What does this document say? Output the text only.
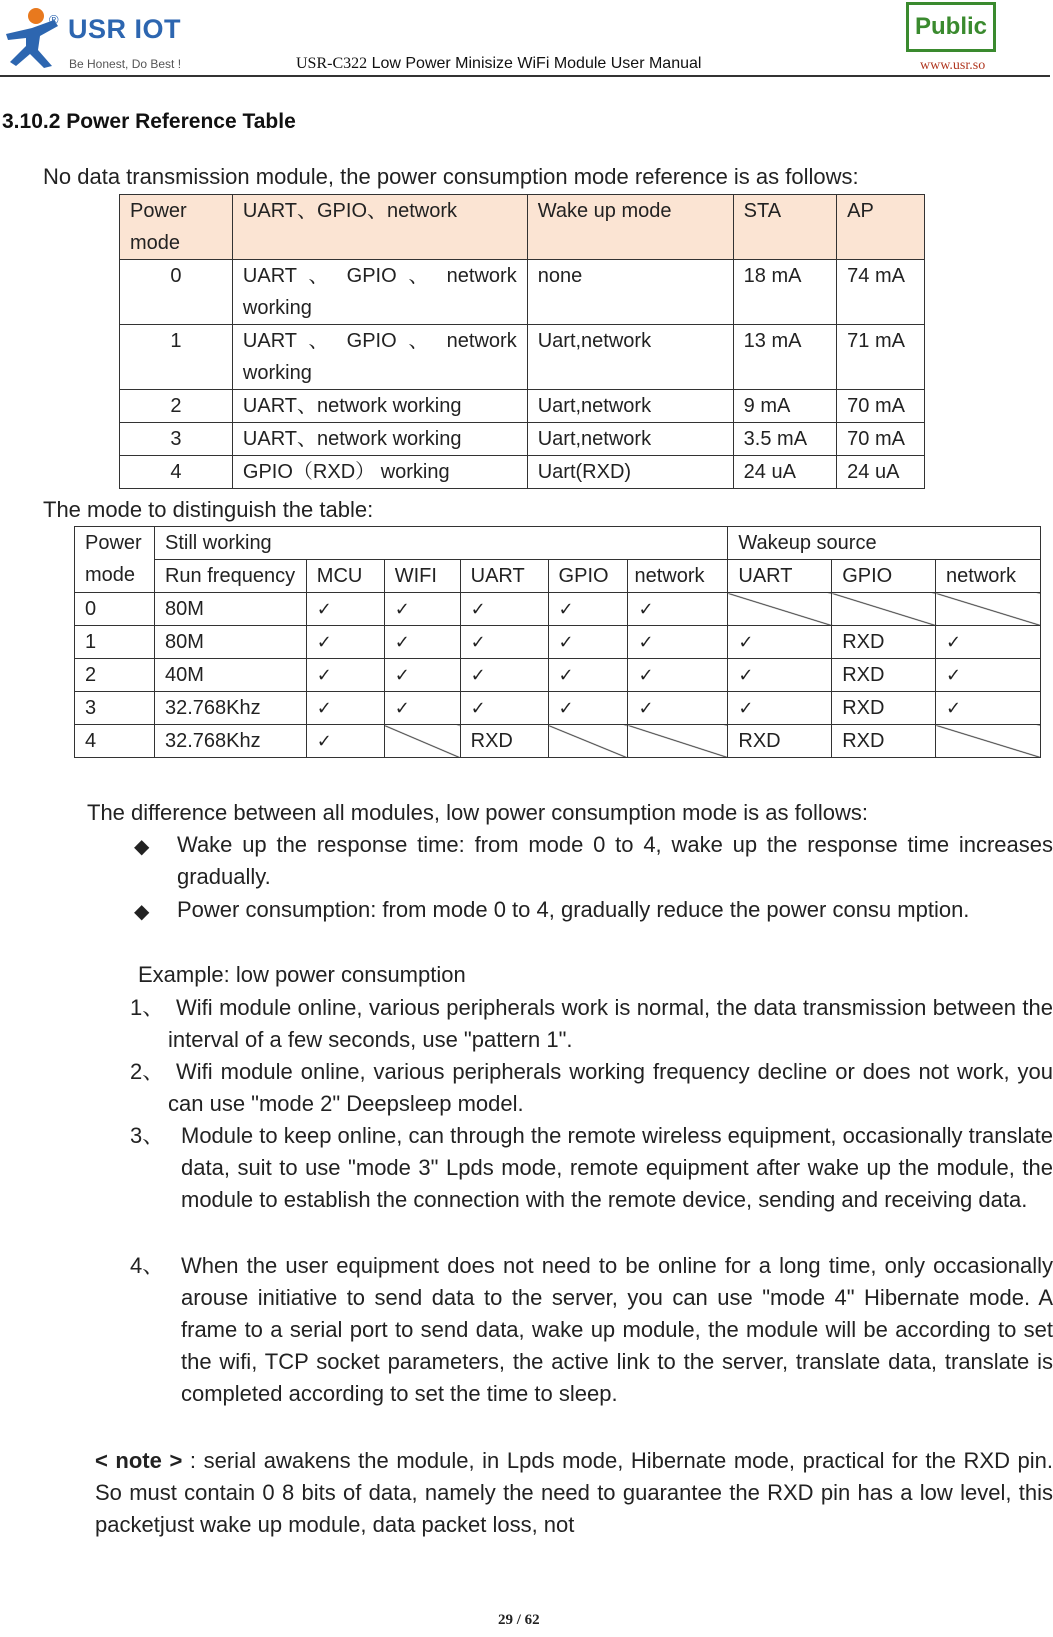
® USR IOT
Be Honest, Do Best !	USR-C322 Low Power Minisize WiFi Module User Manual
Public
www.usr.so
3.10.2 Power Reference Table
No data transmission module, the power consumption mode reference is as follows:
Power mode	UART、GPIO、network	Wake up mode	STA	AP
0	UART 、 GPIO 、 network working	none	18 mA	74 mA
1	UART 、 GPIO 、 network working	Uart,network	13 mA	71 mA
2	UART、network working	Uart,network	9 mA	70 mA
3	UART、network working	Uart,network	3.5 mA	70 mA
4	GPIO（RXD） working	Uart(RXD)	24 uA	24 uA
The mode to distinguish the table:
Power mode	Still working						Wakeup source		
	Run frequency	MCU	WIFI	UART	GPIO	network	UART	GPIO	network
0	80M	✓	✓	✓	✓	✓			
1	80M	✓	✓	✓	✓	✓	✓	RXD	✓
2	40M	✓	✓	✓	✓	✓	✓	RXD	✓
3	32.768Khz	✓	✓	✓	✓	✓	✓	RXD	✓
4	32.768Khz	✓		RXD			RXD	RXD	
The difference between all modules, low power consumption mode is as follows:
◆ Wake up the response time: from mode 0 to 4, wake up the response time increases gradually.
◆ Power consumption: from mode 0 to 4, gradually reduce the power consu mption.
Example: low power consumption
1、 Wifi module online, various peripherals work is normal, the data transmission between the interval of a few seconds, use "pattern 1".
2、 Wifi module online, various peripherals working frequency decline or does not work, you can use "mode 2" Deepsleep model.
3、 Module to keep online, can through the remote wireless equipment, occasionally translate data, suit to use "mode 3" Lpds mode, remote equipment after wake up the module, the module to establish the connection with the remote device, sending and receiving data.
4、 When the user equipment does not need to be online for a long time, only occasionally arouse initiative to send data to the server, you can use "mode 4" Hibernate mode. A frame to a serial port to send data, wake up module, the module will be according to set the wifi, TCP socket parameters, the active link to the server, translate data, translate is completed according to set the time to sleep.
< note > : serial awakens the module, in Lpds mode, Hibernate mode, practical for the RXD pin. So must contain 0 8 bits of data, namely the need to guarantee the RXD pin has a low level, this packetjust wake up module, data packet loss, not
29 / 62
